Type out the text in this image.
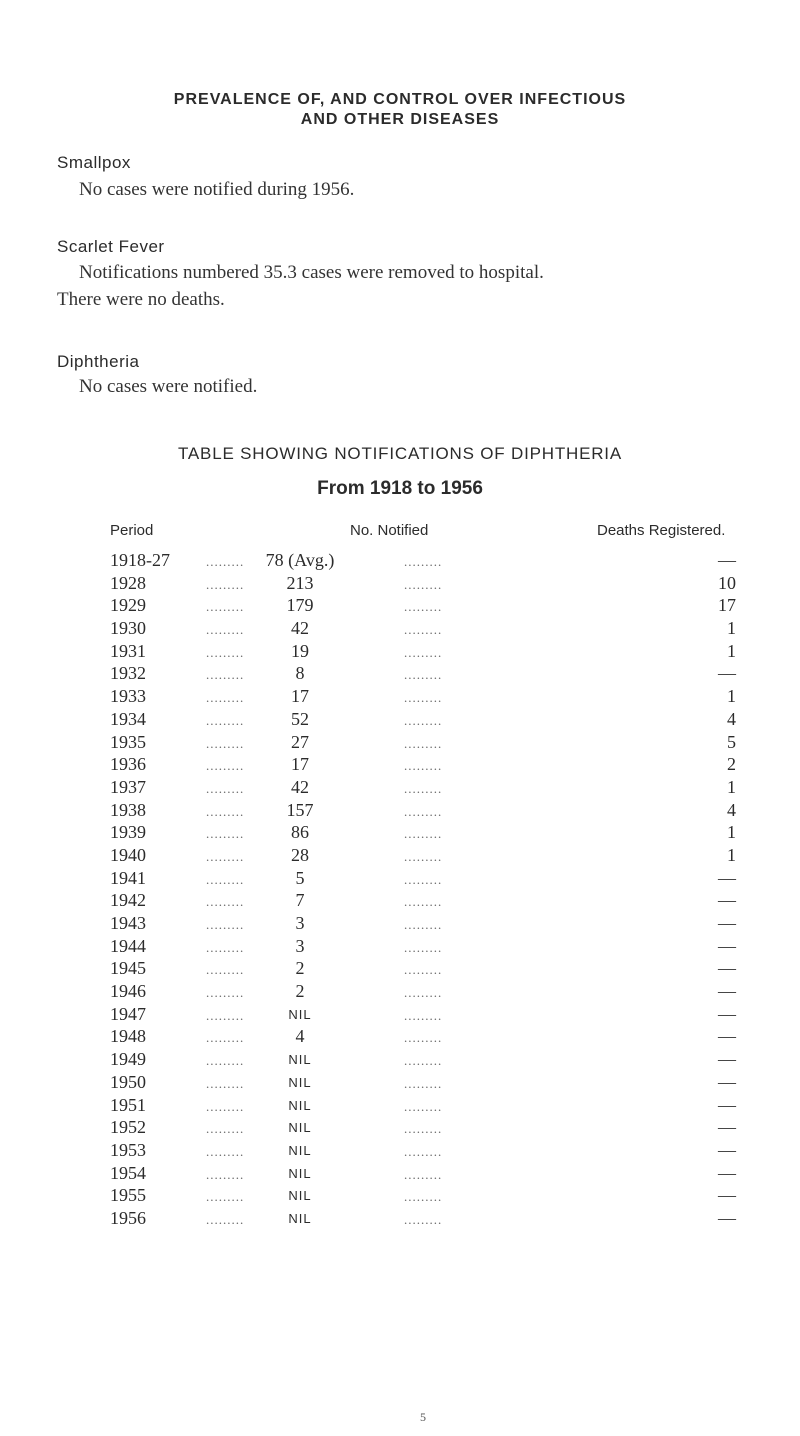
PREVALENCE OF, AND CONTROL OVER INFECTIOUS
AND OTHER DISEASES
Smallpox
No cases were notified during 1956.
Scarlet Fever
Notifications numbered 35.3 cases were removed to hospital.
There were no deaths.
Diphtheria
No cases were notified.
TABLE SHOWING NOTIFICATIONS OF DIPHTHERIA
From 1918 to 1956
Period	No. Notified	Deaths Registered.
1918-27	.........	78 (Avg.)	.........	—
1928	.........	213	.........	10
1929	.........	179	.........	17
1930	.........	42	.........	1
1931	.........	19	.........	1
1932	.........	8	.........	—
1933	.........	17	.........	1
1934	.........	52	.........	4
1935	.........	27	.........	5
1936	.........	17	.........	2
1937	.........	42	.........	1
1938	.........	157	.........	4
1939	.........	86	.........	1
1940	.........	28	.........	1
1941	.........	5	.........	—
1942	.........	7	.........	—
1943	.........	3	.........	—
1944	.........	3	.........	—
1945	.........	2	.........	—
1946	.........	2	.........	—
1947	.........	NIL	.........	—
1948	.........	4	.........	—
1949	.........	NIL	.........	—
1950	.........	NIL	.........	—
1951	.........	NIL	.........	—
1952	.........	NIL	.........	—
1953	.........	NIL	.........	—
1954	.........	NIL	.........	—
1955	.........	NIL	.........	—
1956	.........	NIL	.........	—
5
